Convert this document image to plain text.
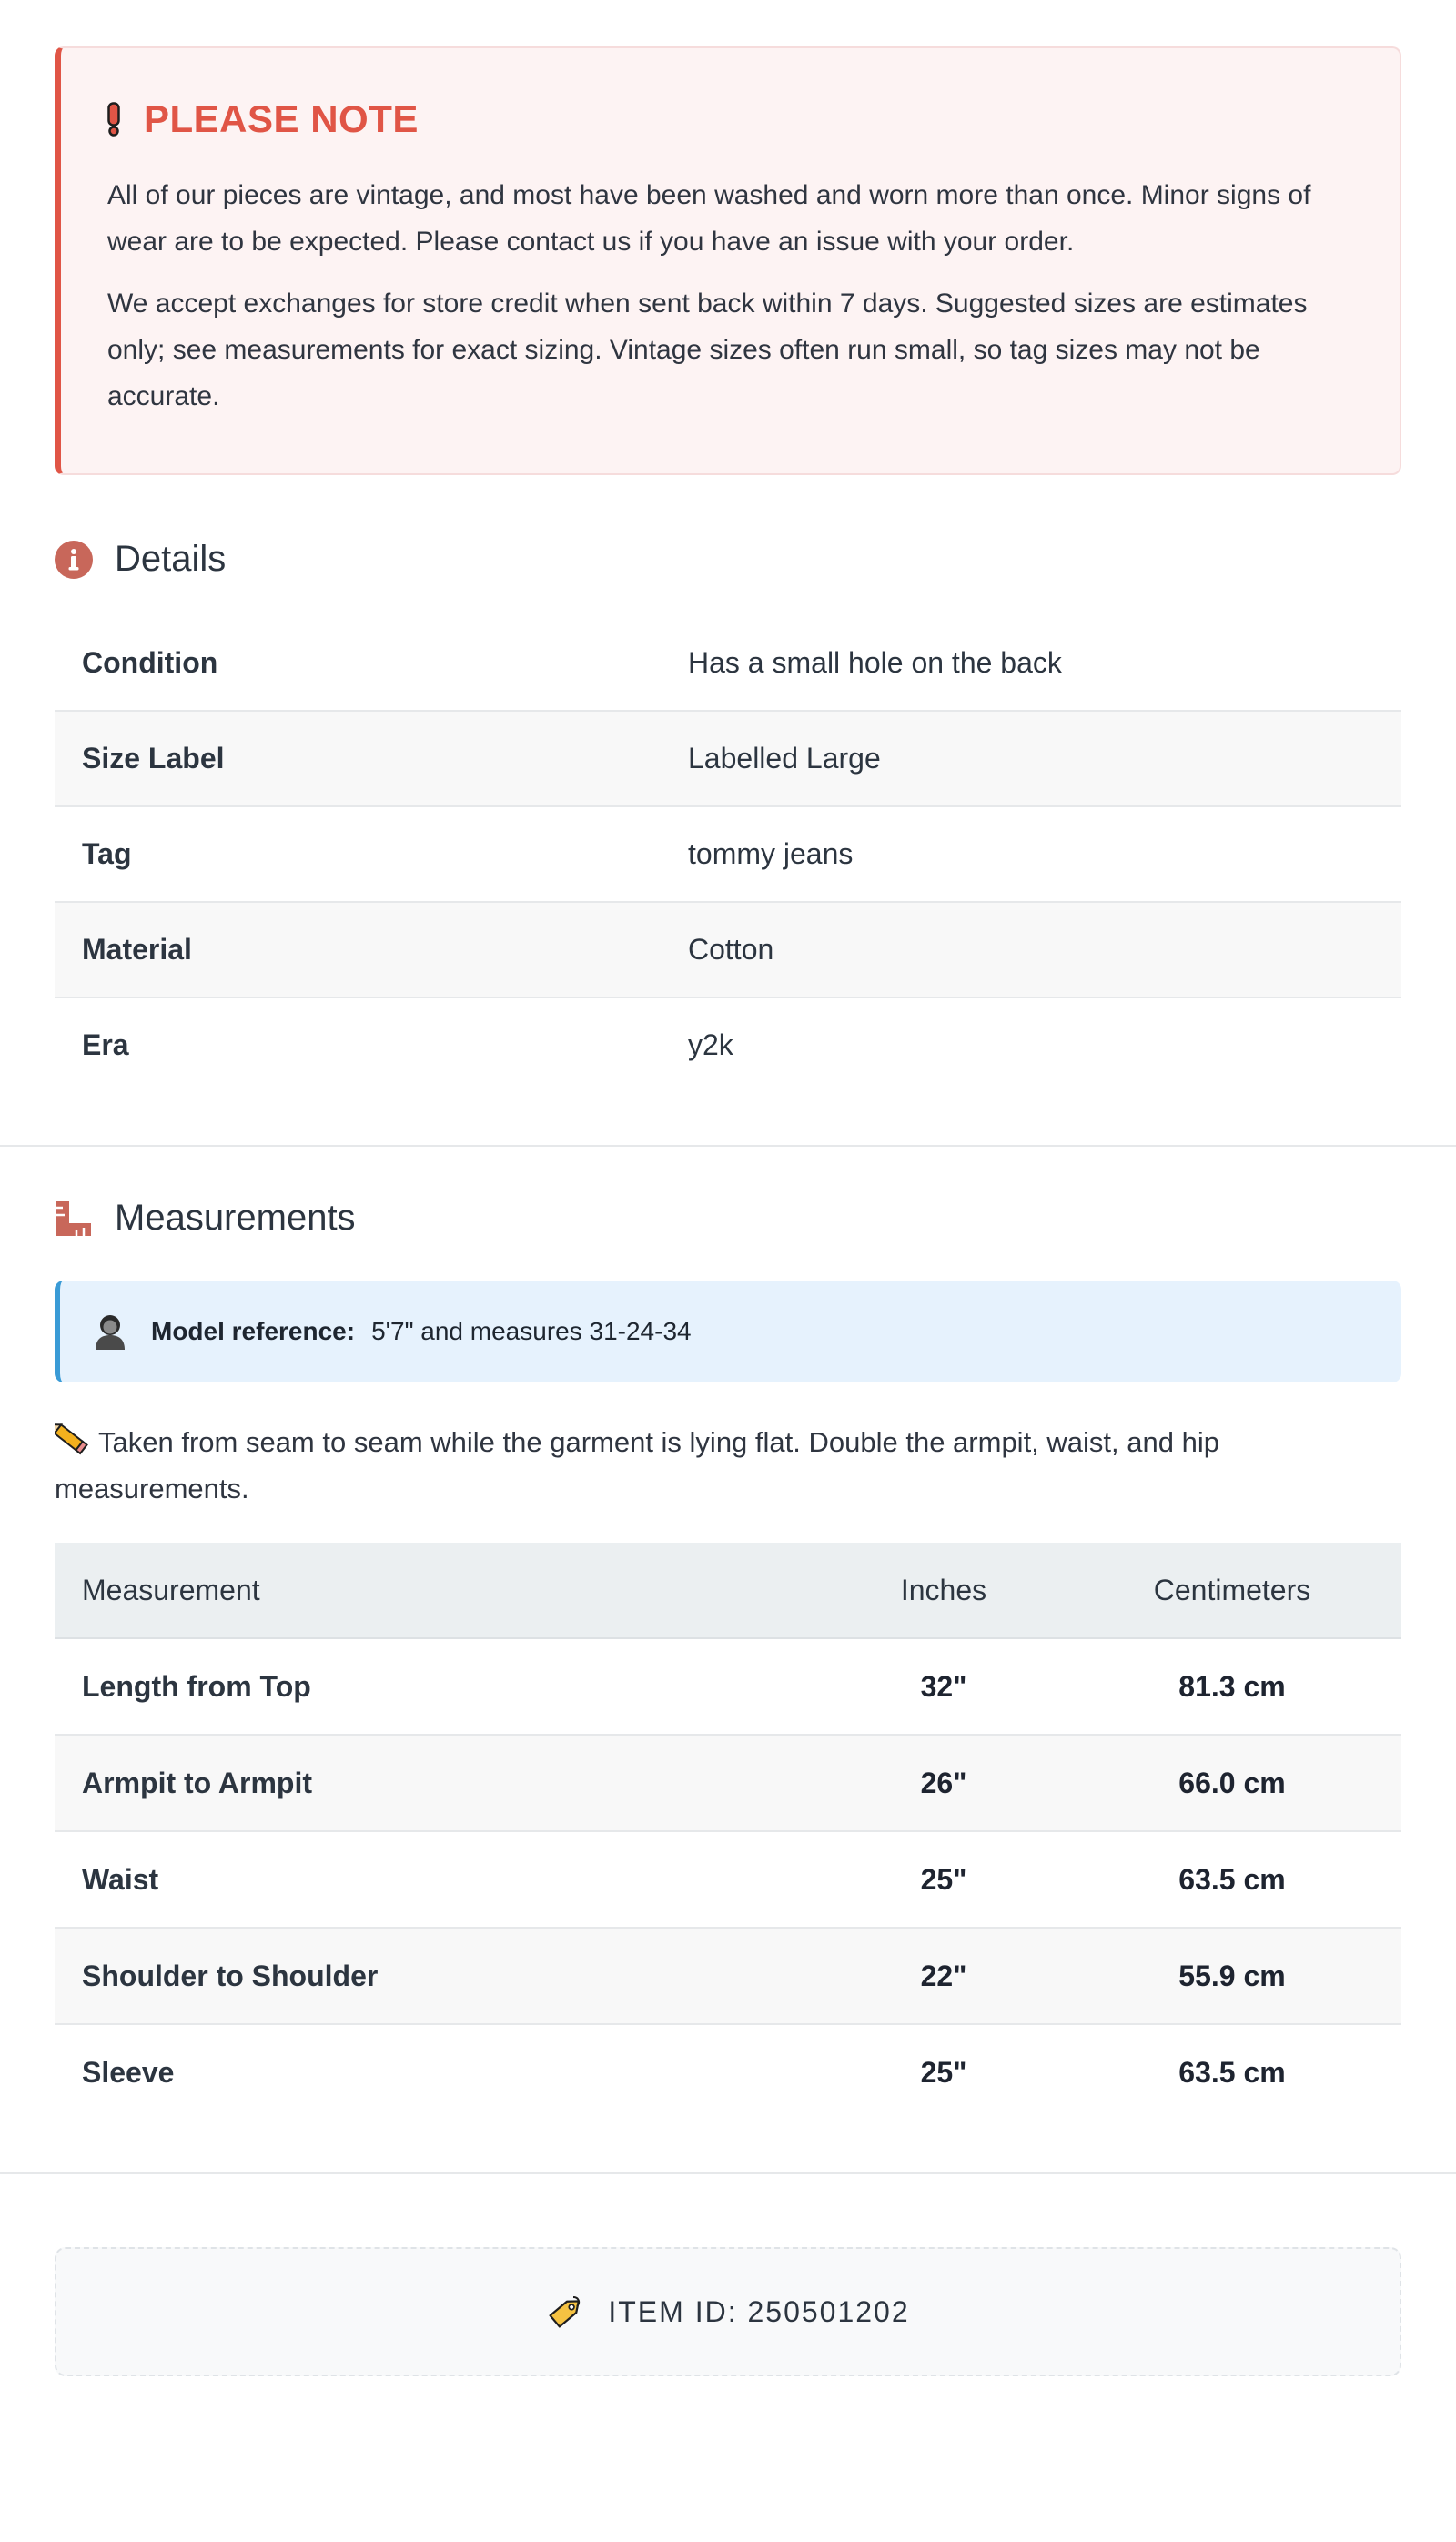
PLEASE NOTE

All of our pieces are vintage, and most have been washed and worn more than once. Minor signs of wear are to be expected. Please contact us if you have an issue with your order.

We accept exchanges for store credit when sent back within 7 days. Suggested sizes are estimates only; see measurements for exact sizing. Vintage sizes often run small, so tag sizes may not be accurate.

Details
Condition	Has a small hole on the back
Size Label	Labelled Large
Tag	tommy jeans
Material	Cotton
Era	y2k
Measurements
Model reference: 5'7" and measures 31-24-34
Taken from seam to seam while the garment is lying flat. Double the armpit, waist, and hip measurements.
Measurement	Inches	Centimeters
Length from Top	32"	81.3 cm
Armpit to Armpit	26"	66.0 cm
Waist	25"	63.5 cm
Shoulder to Shoulder	22"	55.9 cm
Sleeve	25"	63.5 cm
ITEM ID: 250501202
